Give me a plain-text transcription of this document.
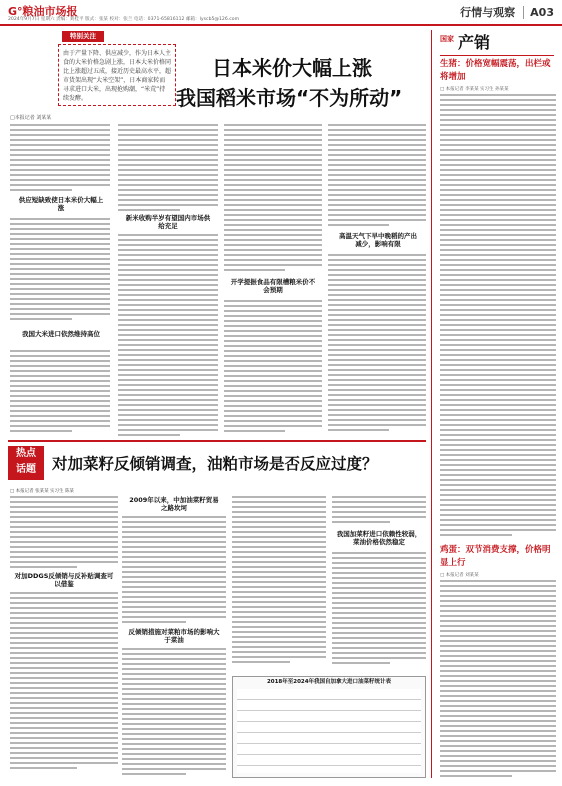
G°粮油市场报
2024年9月7日 星期六 责编：刘桂平 版式：张某 校对：张兰 电话：0371-65816112 邮箱：lyscb5@126.com
行情与观察 A03
特别关注
由于产量下降、供应减少，作为日本人主食的大米价格急剧上涨，日本大米价格同比上涨超过五成，接近历史最高水平，超市货架出现“大米空架”，日本商家转而寻求进口大米，出现抢购潮，“米荒”持续发酵。
日本米价大幅上涨
我国稻米市场“不为所动”
□本报记者 刘某某
供应短缺致使日本米价大幅上涨
我国大米进口依然维持高位
新米收购半岁有望国内市场供给充足
开学提振食品有限槽粮米价不会预期
高温天气下早中晚稻的产出减少，影响有限
国家 产销
生猪：价格宽幅震荡，出栏或将增加
□ 本报记者 李某某 实习生 孙某某
鸡蛋：双节消费支撑，价格明显上行
□ 本报记者 刘某某
热点
话题	对加菜籽反倾销调查，油粕市场是否反应过度？
□ 本报记者 张某某 实习生 陈某
对加DDGS反倾销与反补贴调查可以借鉴
2009年以来，中加油菜籽贸易之路坎坷
反倾销措施对菜粕市场的影响大于菜油
我国加菜籽进口依赖性较弱，菜油价格依然稳定
2018年至2024年我国自加拿大进口油菜籽统计表
